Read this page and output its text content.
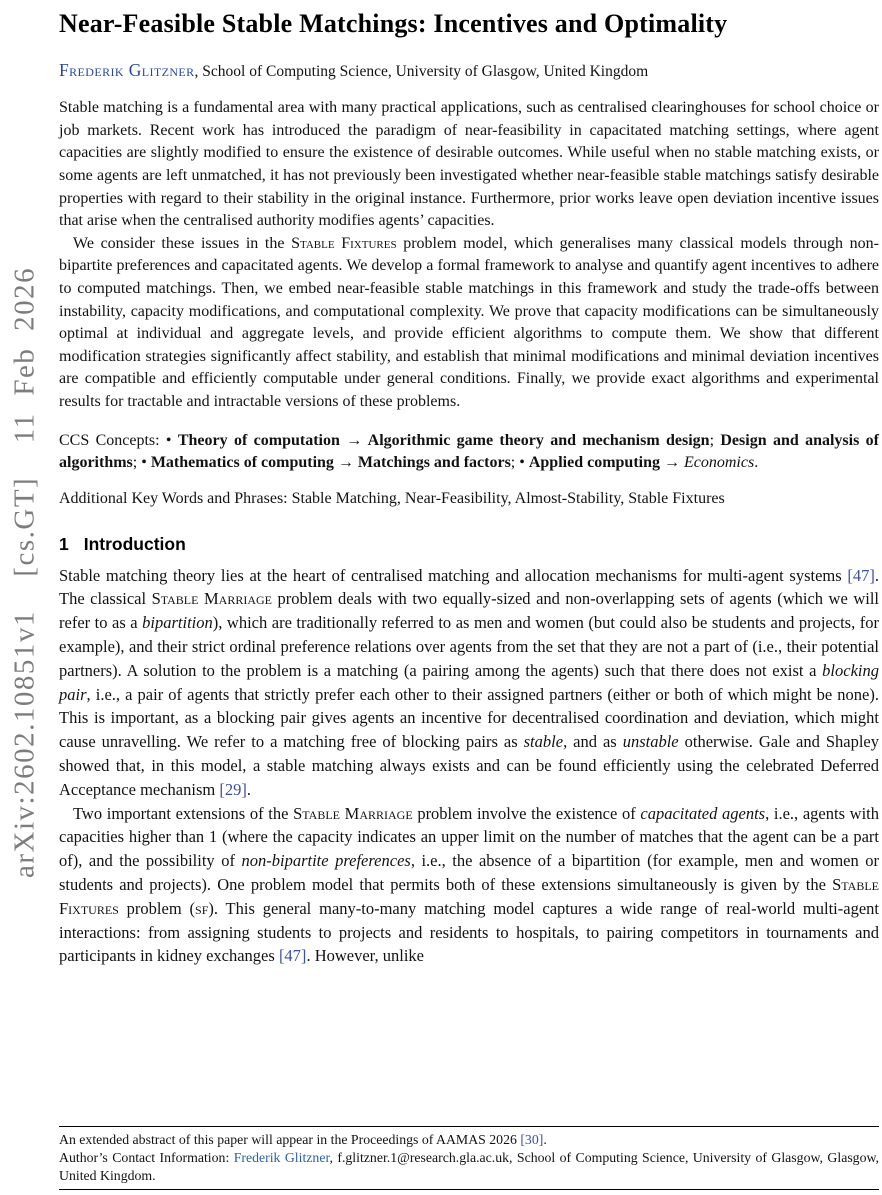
arXiv:2602.10851v1  [cs.GT]  11 Feb 2026
Near-Feasible Stable Matchings: Incentives and Optimality
Frederik Glitzner, School of Computing Science, University of Glasgow, United Kingdom

Stable matching is a fundamental area with many practical applications, such as centralised clearinghouses for school choice or job markets. Recent work has introduced the paradigm of near-feasibility in capacitated matching settings, where agent capacities are slightly modified to ensure the existence of desirable outcomes. While useful when no stable matching exists, or some agents are left unmatched, it has not previously been investigated whether near-feasible stable matchings satisfy desirable properties with regard to their stability in the original instance. Furthermore, prior works leave open deviation incentive issues that arise when the centralised authority modifies agents’ capacities.

We consider these issues in the Stable Fixtures problem model, which generalises many classical models through non-bipartite preferences and capacitated agents. We develop a formal framework to analyse and quantify agent incentives to adhere to computed matchings. Then, we embed near-feasible stable matchings in this framework and study the trade-offs between instability, capacity modifications, and computational complexity. We prove that capacity modifications can be simultaneously optimal at individual and aggregate levels, and provide efficient algorithms to compute them. We show that different modification strategies significantly affect stability, and establish that minimal modifications and minimal deviation incentives are compatible and efficiently computable under general conditions. Finally, we provide exact algorithms and experimental results for tractable and intractable versions of these problems.

CCS Concepts: • Theory of computation → Algorithmic game theory and mechanism design; Design and analysis of algorithms; • Mathematics of computing → Matchings and factors; • Applied computing → Economics.

Additional Key Words and Phrases: Stable Matching, Near-Feasibility, Almost-Stability, Stable Fixtures

1 Introduction

Stable matching theory lies at the heart of centralised matching and allocation mechanisms for multi-agent systems [47]. The classical Stable Marriage problem deals with two equally-sized and non-overlapping sets of agents (which we will refer to as a bipartition), which are traditionally referred to as men and women (but could also be students and projects, for example), and their strict ordinal preference relations over agents from the set that they are not a part of (i.e., their potential partners). A solution to the problem is a matching (a pairing among the agents) such that there does not exist a blocking pair, i.e., a pair of agents that strictly prefer each other to their assigned partners (either or both of which might be none). This is important, as a blocking pair gives agents an incentive for decentralised coordination and deviation, which might cause unravelling. We refer to a matching free of blocking pairs as stable, and as unstable otherwise. Gale and Shapley showed that, in this model, a stable matching always exists and can be found efficiently using the celebrated Deferred Acceptance mechanism [29].

Two important extensions of the Stable Marriage problem involve the existence of capacitated agents, i.e., agents with capacities higher than 1 (where the capacity indicates an upper limit on the number of matches that the agent can be a part of), and the possibility of non-bipartite preferences, i.e., the absence of a bipartition (for example, men and women or students and projects). One problem model that permits both of these extensions simultaneously is given by the Stable Fixtures problem (sf). This general many-to-many matching model captures a wide range of real-world multi-agent interactions: from assigning students to projects and residents to hospitals, to pairing competitors in tournaments and participants in kidney exchanges [47]. However, unlike

An extended abstract of this paper will appear in the Proceedings of AAMAS 2026 [30].

Author’s Contact Information: Frederik Glitzner, f.glitzner.1@research.gla.ac.uk, School of Computing Science, University of Glasgow, Glasgow, United Kingdom.
